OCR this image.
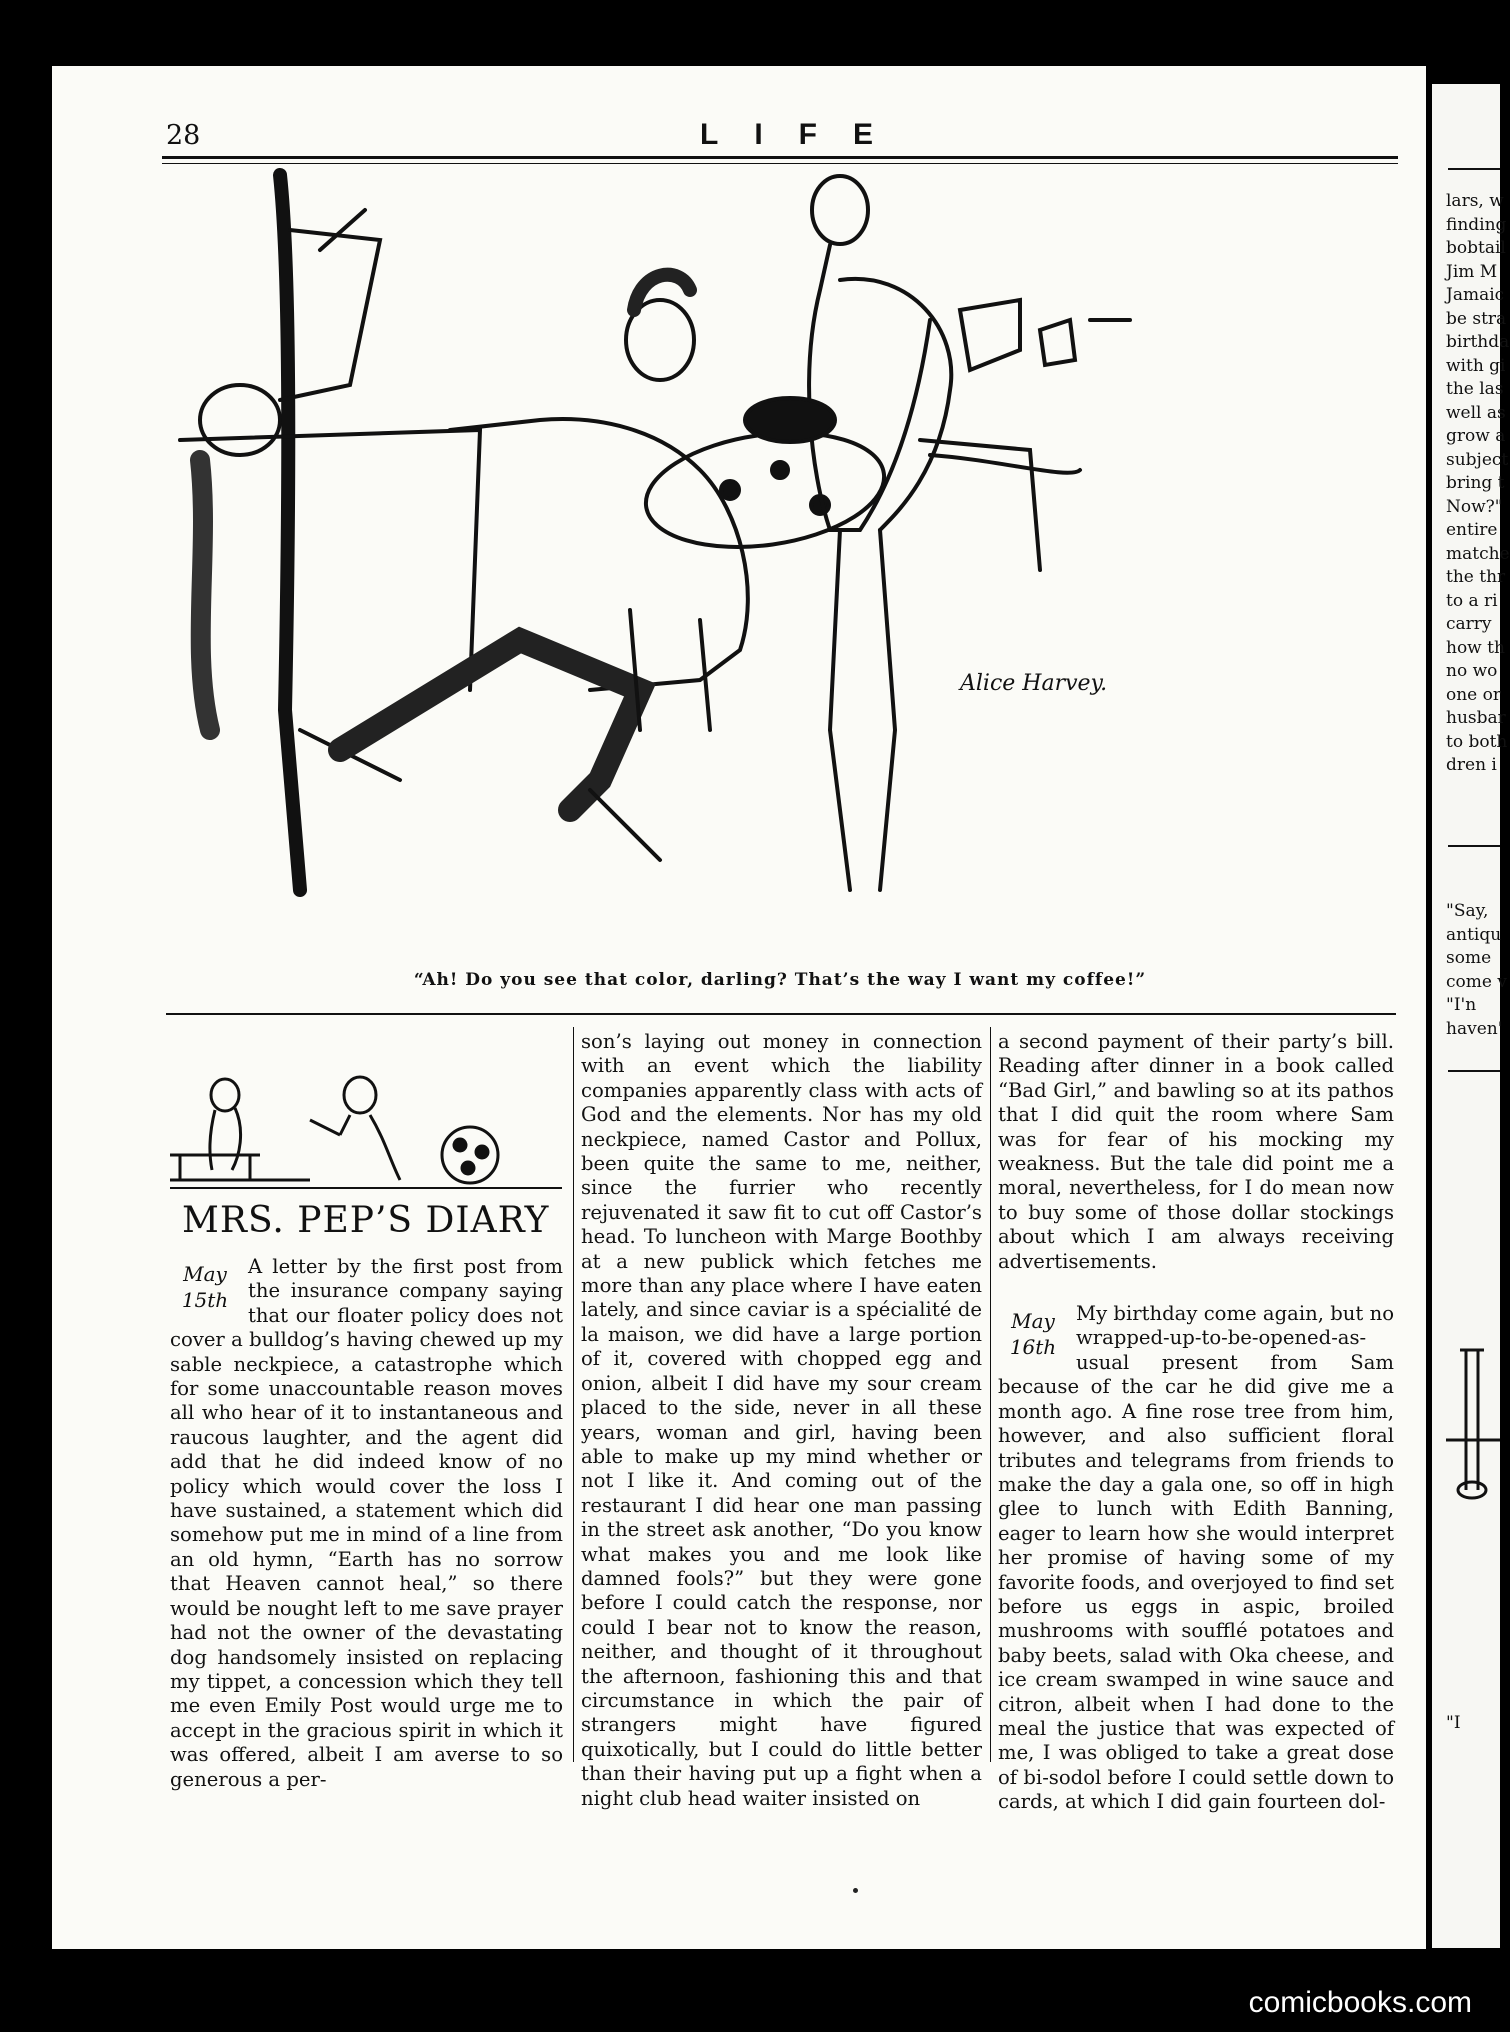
28	LIFE
Alice Harvey.
“Ah! Do you see that color, darling? That’s the way I want my coffee!”
MRS. PEP’S DIARY
May
15th

A letter by the first post from the insurance company saying that our floater policy does not cover a bulldog’s having chewed up my sable neckpiece, a catastrophe which for some unaccountable reason moves all who hear of it to instantaneous and raucous laughter, and the agent did add that he did indeed know of no policy which would cover the loss I have sustained, a statement which did somehow put me in mind of a line from an old hymn, “Earth has no sorrow that Heaven cannot heal,” so there would be nought left to me save prayer had not the owner of the devastating dog handsomely insisted on replacing my tippet, a concession which they tell me even Emily Post would urge me to accept in the gracious spirit in which it was offered, albeit I am averse to so generous a per-

son’s laying out money in connection with an event which the liability companies apparently class with acts of God and the elements. Nor has my old neckpiece, named Castor and Pollux, been quite the same to me, neither, since the furrier who recently rejuvenated it saw fit to cut off Castor’s head. To luncheon with Marge Boothby at a new publick which fetches me more than any place where I have eaten lately, and since caviar is a spécialité de la maison, we did have a large portion of it, covered with chopped egg and onion, albeit I did have my sour cream placed to the side, never in all these years, woman and girl, having been able to make up my mind whether or not I like it. And coming out of the restaurant I did hear one man passing in the street ask another, “Do you know what makes you and me look like damned fools?” but they were gone before I could catch the response, nor could I bear not to know the reason, neither, and thought of it throughout the afternoon, fashioning this and that circumstance in which the pair of strangers might have figured quixotically, but I could do little better than their having put up a fight when a night club head waiter insisted on

a second payment of their party’s bill. Reading after dinner in a book called “Bad Girl,” and bawling so at its pathos that I did quit the room where Sam was for fear of his mocking my weakness. But the tale did point me a moral, nevertheless, for I do mean now to buy some of those dollar stockings about which I am always receiving advertisements.

May
16th

My birthday come again, but no wrapped-up-to-be-opened-as-usual present from Sam because of the car he did give me a month ago. A fine rose tree from him, however, and also sufficient floral tributes and telegrams from friends to make the day a gala one, so off in high glee to lunch with Edith Banning, eager to learn how she would interpret her promise of having some of my favorite foods, and overjoyed to find set before us eggs in aspic, broiled mushrooms with soufflé potatoes and baby beets, salad with Oka cheese, and ice cream swamped in wine sauce and citron, albeit when I had done to the meal the justice that was expected of me, I was obliged to take a great dose of bi-sodol before I could settle down to cards, at which I did gain fourteen dol-

lars, w
finding
bobtail
Jim M
Jamaic
be stra
birthda
with gi
the las
well as
grow a
subject
bring t
Now?"
entire
matche
the thr
to a ri
carry
how th
no wo
one or
husbar
to both
dren i
"Say,
antiqu
some
come v
"I'n
haven'
"I
comicbooks.com
